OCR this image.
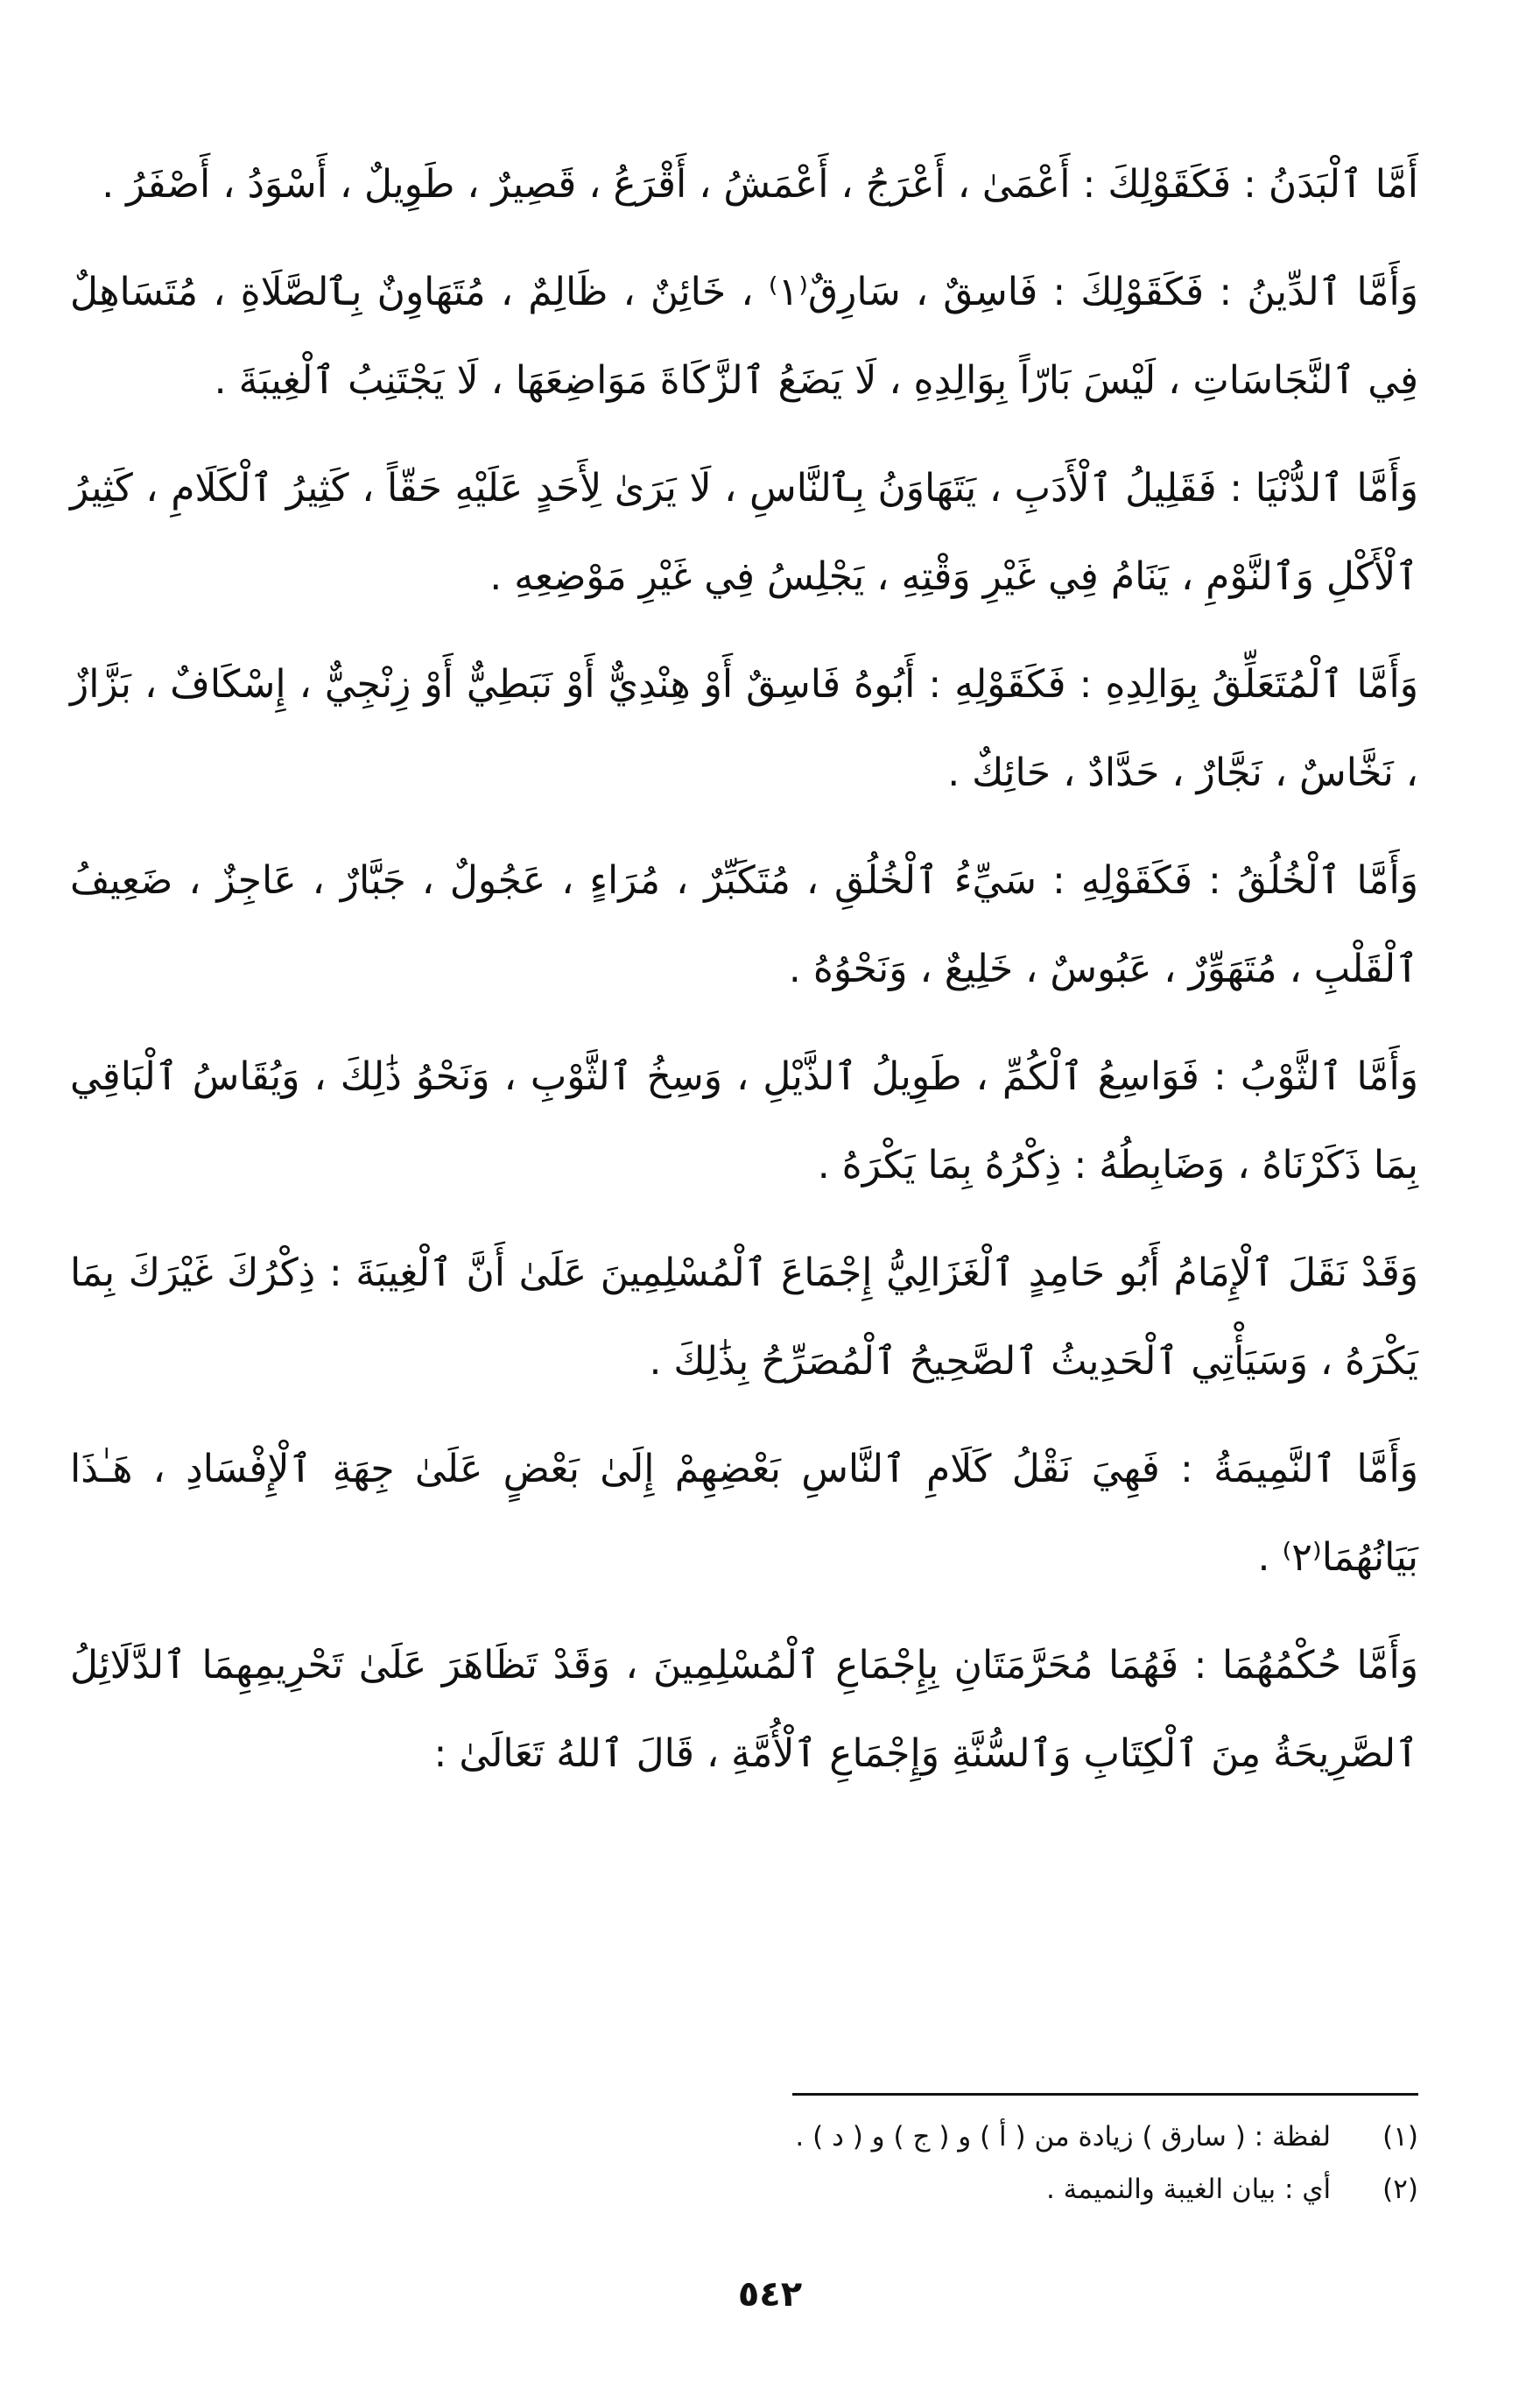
أَمَّا ٱلْبَدَنُ : فَكَقَوْلِكَ : أَعْمَىٰ ، أَعْرَجُ ، أَعْمَشُ ، أَقْرَعُ ، قَصِيرٌ ، طَوِيلٌ ، أَسْوَدُ ، أَصْفَرُ .

وَأَمَّا ٱلدِّينُ : فَكَقَوْلِكَ : فَاسِقٌ ، سَارِقٌ⁽١⁾ ، خَائِنٌ ، ظَالِمٌ ، مُتَهَاوِنٌ بِٱلصَّلَاةِ ، مُتَسَاهِلٌ فِي ٱلنَّجَاسَاتِ ، لَيْسَ بَارّاً بِوَالِدِهِ ، لَا يَضَعُ ٱلزَّكَاةَ مَوَاضِعَهَا ، لَا يَجْتَنِبُ ٱلْغِيبَةَ .

وَأَمَّا ٱلدُّنْيَا : فَقَلِيلُ ٱلْأَدَبِ ، يَتَهَاوَنُ بِٱلنَّاسِ ، لَا يَرَىٰ لِأَحَدٍ عَلَيْهِ حَقّاً ، كَثِيرُ ٱلْكَلَامِ ، كَثِيرُ ٱلْأَكْلِ وَٱلنَّوْمِ ، يَنَامُ فِي غَيْرِ وَقْتِهِ ، يَجْلِسُ فِي غَيْرِ مَوْضِعِهِ .

وَأَمَّا ٱلْمُتَعَلِّقُ بِوَالِدِهِ : فَكَقَوْلِهِ : أَبُوهُ فَاسِقٌ أَوْ هِنْدِيٌّ أَوْ نَبَطِيٌّ أَوْ زِنْجِيٌّ ، إِسْكَافٌ ، بَزَّازٌ ، نَخَّاسٌ ، نَجَّارٌ ، حَدَّادٌ ، حَائِكٌ .

وَأَمَّا ٱلْخُلُقُ : فَكَقَوْلِهِ : سَيِّءُ ٱلْخُلُقِ ، مُتَكَبِّرٌ ، مُرَاءٍ ، عَجُولٌ ، جَبَّارٌ ، عَاجِزٌ ، ضَعِيفُ ٱلْقَلْبِ ، مُتَهَوِّرٌ ، عَبُوسٌ ، خَلِيعٌ ، وَنَحْوُهُ .

وَأَمَّا ٱلثَّوْبُ : فَوَاسِعُ ٱلْكُمِّ ، طَوِيلُ ٱلذَّيْلِ ، وَسِخُ ٱلثَّوْبِ ، وَنَحْوُ ذَٰلِكَ ، وَيُقَاسُ ٱلْبَاقِي بِمَا ذَكَرْنَاهُ ، وَضَابِطُهُ : ذِكْرُهُ بِمَا يَكْرَهُ .

وَقَدْ نَقَلَ ٱلْإِمَامُ أَبُو حَامِدٍ ٱلْغَزَالِيُّ إِجْمَاعَ ٱلْمُسْلِمِينَ عَلَىٰ أَنَّ ٱلْغِيبَةَ : ذِكْرُكَ غَيْرَكَ بِمَا يَكْرَهُ ، وَسَيَأْتِي ٱلْحَدِيثُ ٱلصَّحِيحُ ٱلْمُصَرِّحُ بِذَٰلِكَ .

وَأَمَّا ٱلنَّمِيمَةُ : فَهِيَ نَقْلُ كَلَامِ ٱلنَّاسِ بَعْضِهِمْ إِلَىٰ بَعْضٍ عَلَىٰ جِهَةِ ٱلْإِفْسَادِ ، هَـٰذَا بَيَانُهُمَا⁽٢⁾ .

وَأَمَّا حُكْمُهُمَا : فَهُمَا مُحَرَّمَتَانِ بِإِجْمَاعِ ٱلْمُسْلِمِينَ ، وَقَدْ تَظَاهَرَ عَلَىٰ تَحْرِيمِهِمَا ٱلدَّلَائِلُ ٱلصَّرِيحَةُ مِنَ ٱلْكِتَابِ وَٱلسُّنَّةِ وَإِجْمَاعِ ٱلْأُمَّةِ ، قَالَ ٱللهُ تَعَالَىٰ :

(١) لفظة : ( سارق ) زيادة من ( أ ) و ( ج ) و ( د ) .
(٢) أي : بيان الغيبة والنميمة .
٥٤٢
